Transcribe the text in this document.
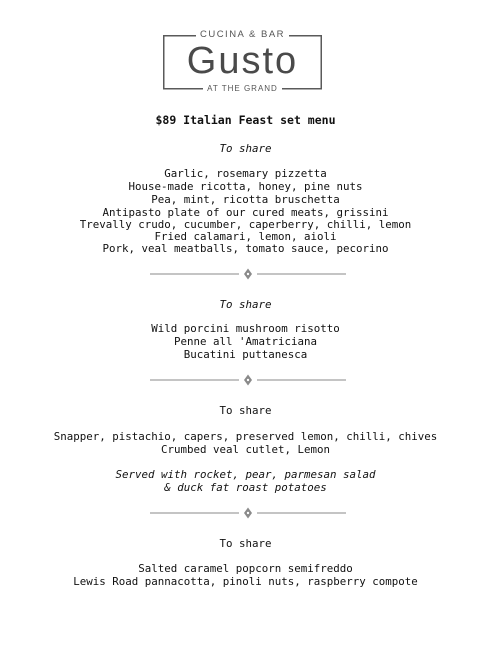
CUCINA & BAR
Gusto
AT THE GRAND
$89 Italian Feast set menu
To share
Garlic, rosemary pizzetta
House-made ricotta, honey, pine nuts
Pea, mint, ricotta bruschetta
Antipasto plate of our cured meats, grissini
Trevally crudo, cucumber, caperberry, chilli, lemon
Fried calamari, lemon, aioli
Pork, veal meatballs, tomato sauce, pecorino
To share
Wild porcini mushroom risotto
Penne all 'Amatriciana
Bucatini puttanesca
To share
Snapper, pistachio, capers, preserved lemon, chilli, chives
Crumbed veal cutlet, Lemon
Served with rocket, pear, parmesan salad
& duck fat roast potatoes
To share
Salted caramel popcorn semifreddo
Lewis Road pannacotta, pinoli nuts, raspberry compote
